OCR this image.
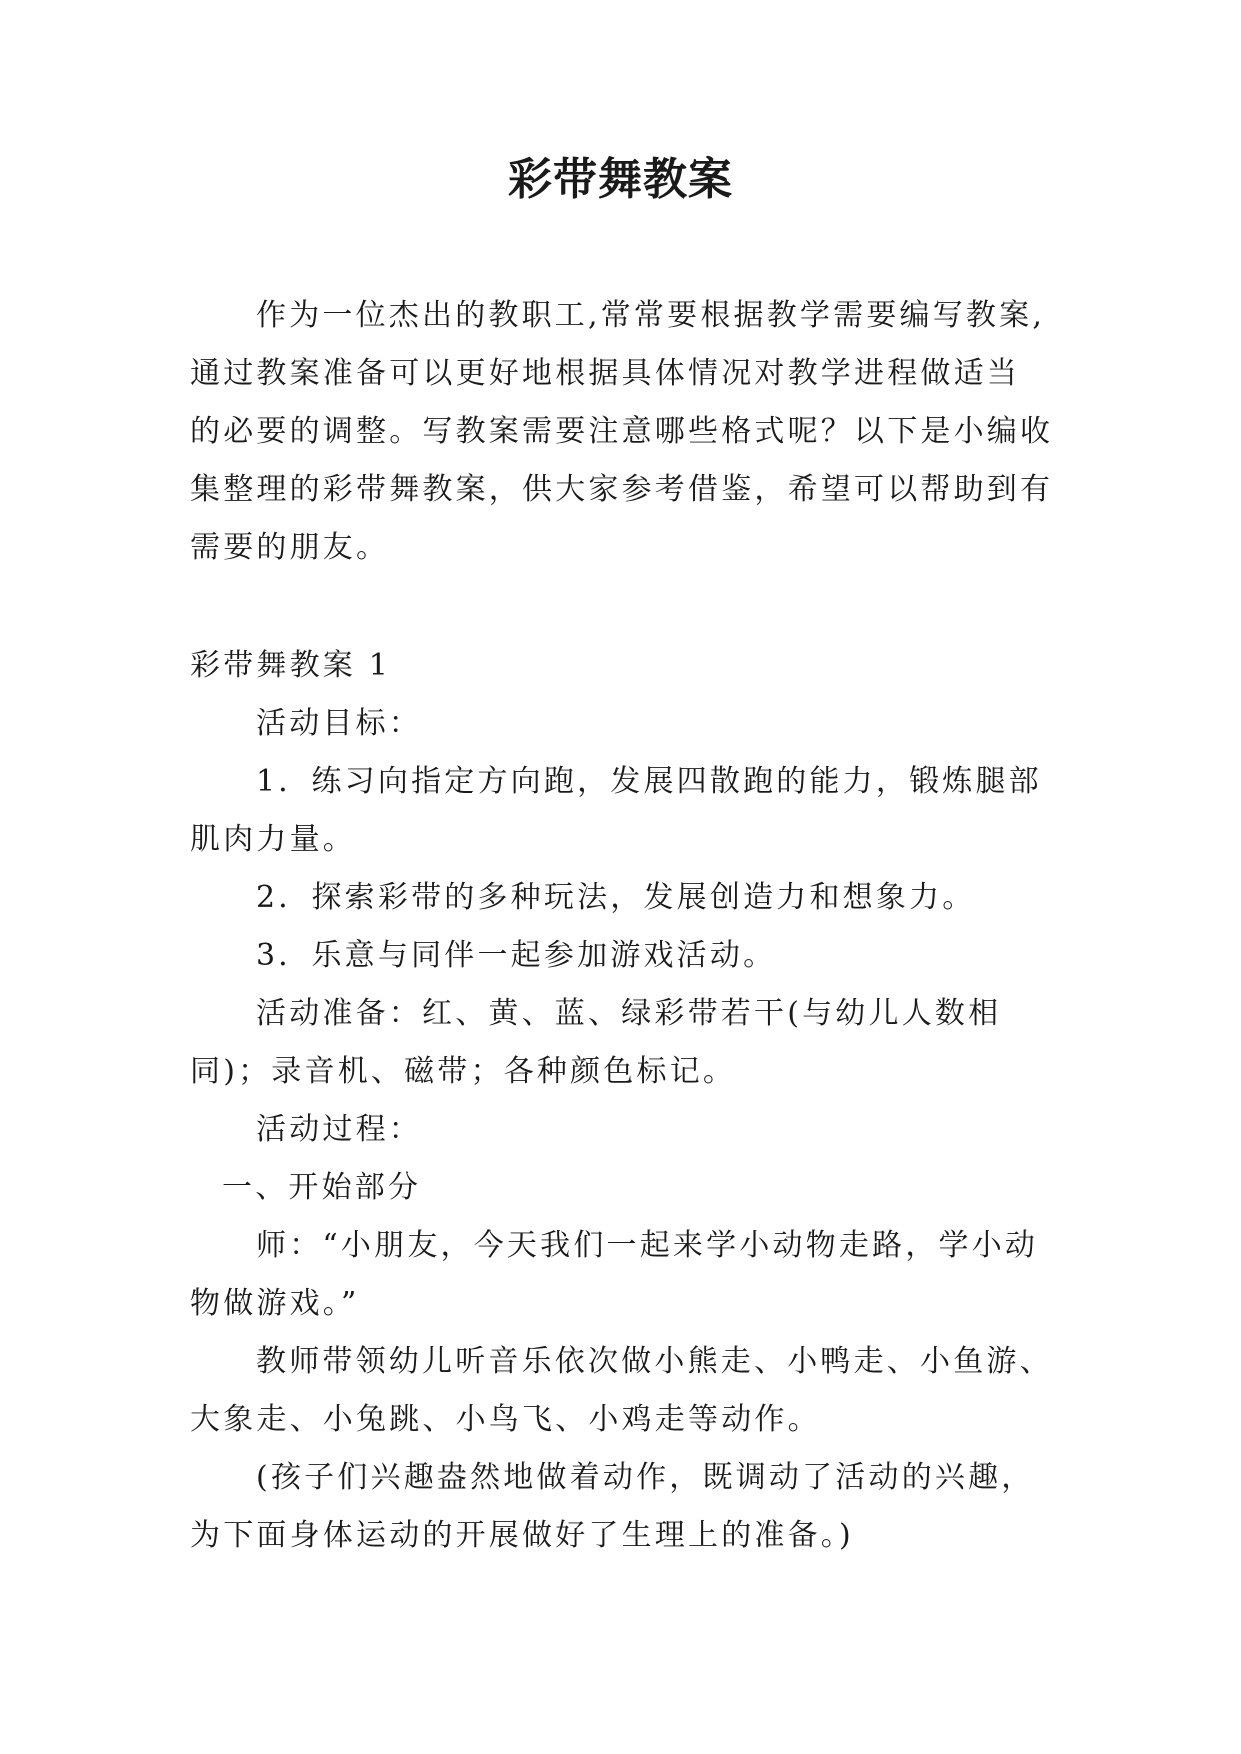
彩带舞教案
作为一位杰出的教职工,常常要根据教学需要编写教案,
通过教案准备可以更好地根据具体情况对教学进程做适当
的必要的调整。写教案需要注意哪些格式呢？以下是小编收
集整理的彩带舞教案，供大家参考借鉴，希望可以帮助到有
需要的朋友。
彩带舞教案 1
活动目标：
1．练习向指定方向跑，发展四散跑的能力，锻炼腿部
肌肉力量。
2．探索彩带的多种玩法，发展创造力和想象力。
3．乐意与同伴一起参加游戏活动。
活动准备：红、黄、蓝、绿彩带若干(与幼儿人数相
同)；录音机、磁带；各种颜色标记。
活动过程：
一、开始部分
师：“小朋友，今天我们一起来学小动物走路，学小动
物做游戏。”
教师带领幼儿听音乐依次做小熊走、小鸭走、小鱼游、
大象走、小兔跳、小鸟飞、小鸡走等动作。
(孩子们兴趣盎然地做着动作，既调动了活动的兴趣，
为下面身体运动的开展做好了生理上的准备。)
